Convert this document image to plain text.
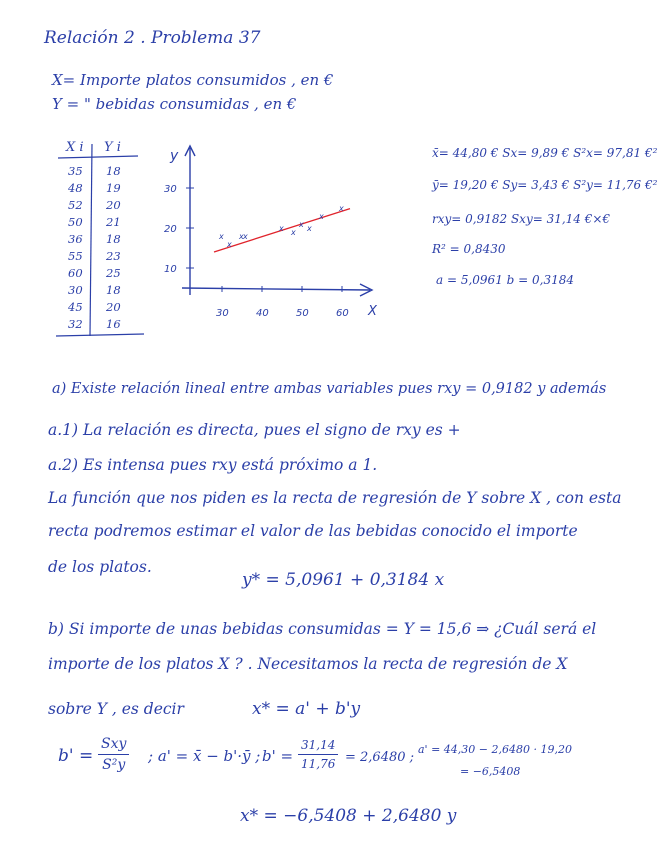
Relación 2 . Problema 37
X= Importe platos consumidos , en €
Y = " bebidas consumidas , en €
X i Y i
35 18
48 19
52 20
50 21
36 18
55 23
60 25
30 18
45 20
32 16
y
X
30
20
10
30	40	50	60
x	x x
x
x
x
x
x
x
x
x̄= 44,80 € Sx= 9,89 € S²x= 97,81 €²
ȳ= 19,20 € Sy= 3,43 € S²y= 11,76 €²
rxy= 0,9182 Sxy= 31,14 €×€
R² = 0,8430
a = 5,0961 b = 0,3184
a) Existe relación lineal entre ambas variables pues rxy = 0,9182 y además
a.1) La relación es directa, pues el signo de rxy es +
a.2) Es intensa pues rxy está próximo a 1.
La función que nos piden es la recta de regresión de Y sobre X , con esta
recta podremos estimar el valor de las bebidas conocido el importe
de los platos.
y* = 5,0961 + 0,3184 x
b) Si importe de unas bebidas consumidas = Y = 15,6 ⇒ ¿Cuál será el
importe de los platos X ? . Necesitamos la recta de regresión de X
sobre Y , es decir	x* = a' + b'y
b' =
Sxy
S²y ; a' = x̄ − b'·ȳ ; $b' = \frac{31,14}{11,76} = 2,6480$ ;
a' = 44,30 − 2,6480 · 19,20
= −6,5408
x* = −6,5408 + 2,6480 y
